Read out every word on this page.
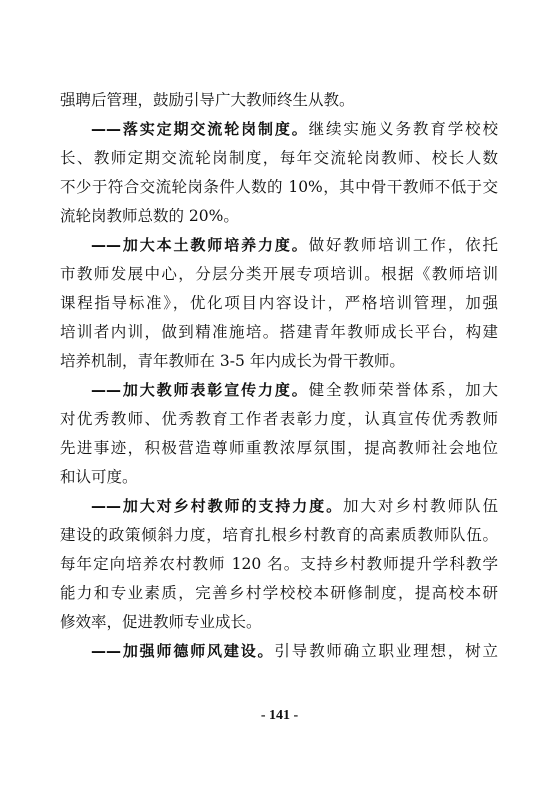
强聘后管理，鼓励引导广大教师终生从教。
——落实定期交流轮岗制度。继续实施义务教育学校校
长、教师定期交流轮岗制度，每年交流轮岗教师、校长人数
不少于符合交流轮岗条件人数的 10%，其中骨干教师不低于交
流轮岗教师总数的 20%。
——加大本土教师培养力度。做好教师培训工作，依托
市教师发展中心，分层分类开展专项培训。根据《教师培训
课程指导标准》，优化项目内容设计，严格培训管理，加强
培训者内训，做到精准施培。搭建青年教师成长平台，构建
培养机制，青年教师在 3-5 年内成长为骨干教师。
——加大教师表彰宣传力度。健全教师荣誉体系，加大
对优秀教师、优秀教育工作者表彰力度，认真宣传优秀教师
先进事迹，积极营造尊师重教浓厚氛围，提高教师社会地位
和认可度。
——加大对乡村教师的支持力度。加大对乡村教师队伍
建设的政策倾斜力度，培育扎根乡村教育的高素质教师队伍。
每年定向培养农村教师 120 名。支持乡村教师提升学科教学
能力和专业素质，完善乡村学校校本研修制度，提高校本研
修效率，促进教师专业成长。
——加强师德师风建设。引导教师确立职业理想，树立
- 141 -
